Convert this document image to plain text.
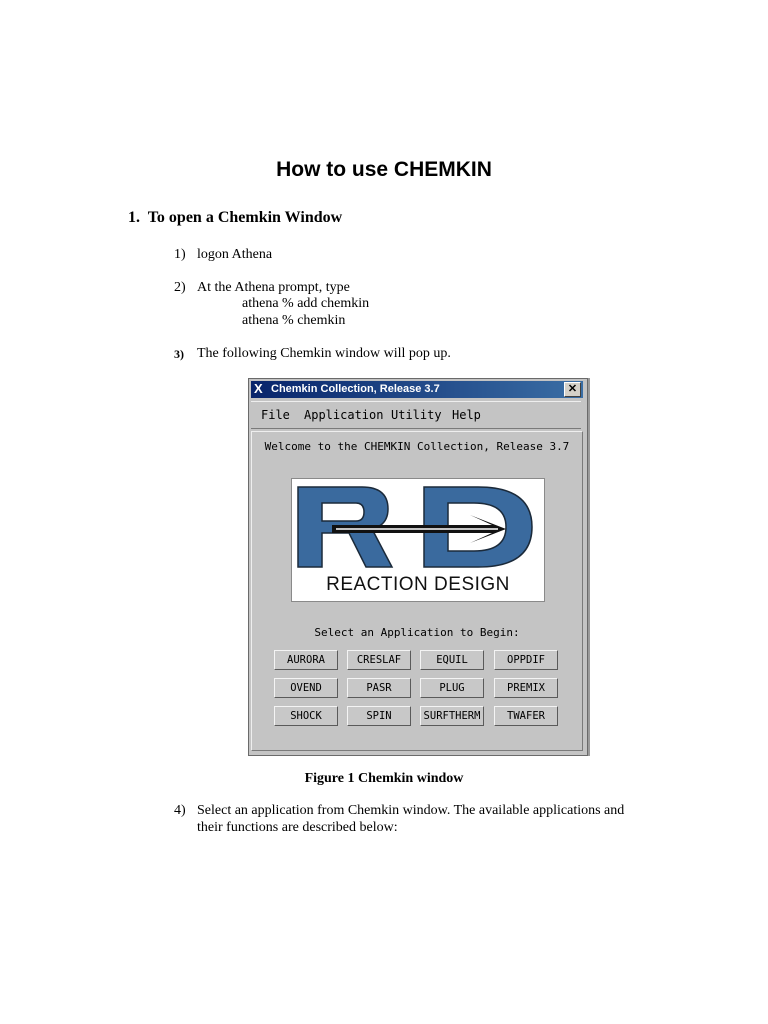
How to use CHEMKIN
1. To open a Chemkin Window
1) logon Athena
2) At the Athena prompt, type
athena % add chemkin
athena % chemkin
3) The following Chemkin window will pop up.
X Chemkin Collection, Release 3.7	✕
File Application Utility Help
Welcome to the CHEMKIN Collection, Release 3.7
REACTION DESIGN
Select an Application to Begin:
AURORA	CRESLAF	EQUIL	OPPDIF
OVEND	PASR	PLUG	PREMIX
SHOCK	SPIN	SURFTHERM	TWAFER
Figure 1 Chemkin window
4) Select an application from Chemkin window. The available applications and
their functions are described below:
